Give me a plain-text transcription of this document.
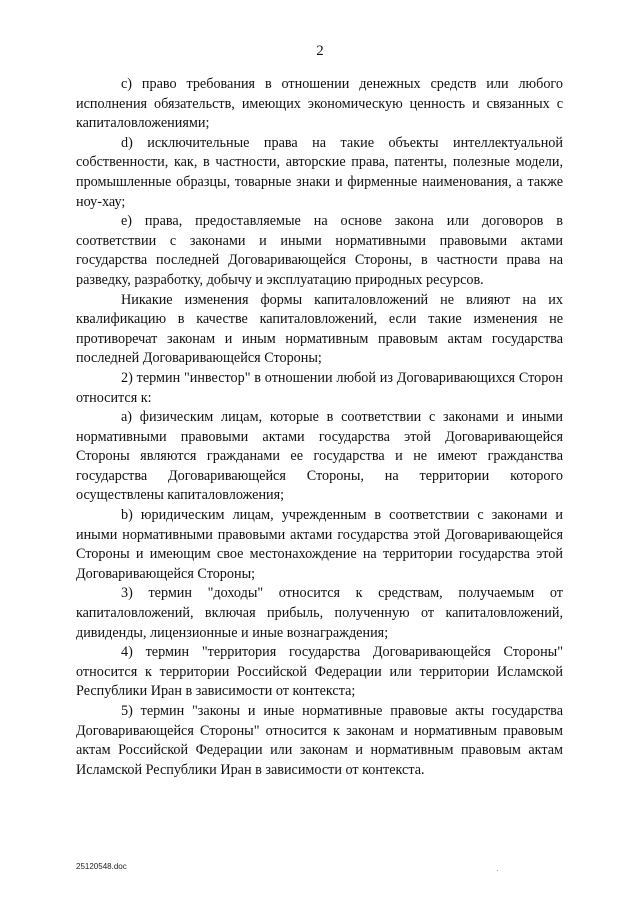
2

c) право требования в отношении денежных средств или любого исполнения обязательств, имеющих экономическую ценность и связанных с капиталовложениями;

d) исключительные права на такие объекты интеллектуальной собственности, как, в частности, авторские права, патенты, полезные модели, промышленные образцы, товарные знаки и фирменные наименования, а также ноу-хау;

e) права, предоставляемые на основе закона или договоров в соответствии с законами и иными нормативными правовыми актами государства последней Договаривающейся Стороны, в частности права на разведку, разработку, добычу и эксплуатацию природных ресурсов.

Никакие изменения формы капиталовложений не влияют на их квалификацию в качестве капиталовложений, если такие изменения не противоречат законам и иным нормативным правовым актам государства последней Договаривающейся Стороны;

2) термин "инвестор" в отношении любой из Договаривающихся Сторон относится к:

a) физическим лицам, которые в соответствии с законами и иными нормативными правовыми актами государства этой Договаривающейся Стороны являются гражданами ее государства и не имеют гражданства государства Договаривающейся Стороны, на территории которого осуществлены капиталовложения;

b) юридическим лицам, учрежденным в соответствии с законами и иными нормативными правовыми актами государства этой Договаривающейся Стороны и имеющим свое местонахождение на территории государства этой Договаривающейся Стороны;

3) термин "доходы" относится к средствам, получаемым от капиталовложений, включая прибыль, полученную от капиталовложений, дивиденды, лицензионные и иные вознаграждения;

4) термин "территория государства Договаривающейся Стороны" относится к территории Российской Федерации или территории Исламской Республики Иран в зависимости от контекста;

5) термин "законы и иные нормативные правовые акты государства Договаривающейся Стороны" относится к законам и нормативным правовым актам Российской Федерации или законам и нормативным правовым актам Исламской Республики Иран в зависимости от контекста.

25120548.doc
